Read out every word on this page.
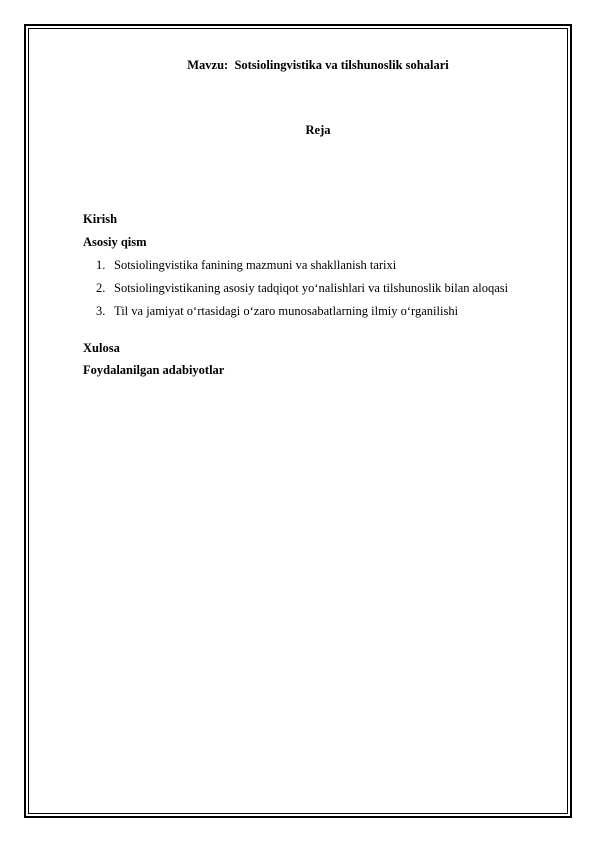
Mavzu:  Sotsiolingvistika va tilshunoslik sohalari
Reja
Kirish
Asosiy qism
1. Sotsiolingvistika fanining mazmuni va shakllanish tarixi
2. Sotsiolingvistikaning asosiy tadqiqot yo‘nalishlari va tilshunoslik bilan aloqasi
3. Til va jamiyat o‘rtasidagi o‘zaro munosabatlarning ilmiy o‘rganilishi
Xulosa
Foydalanilgan adabiyotlar
